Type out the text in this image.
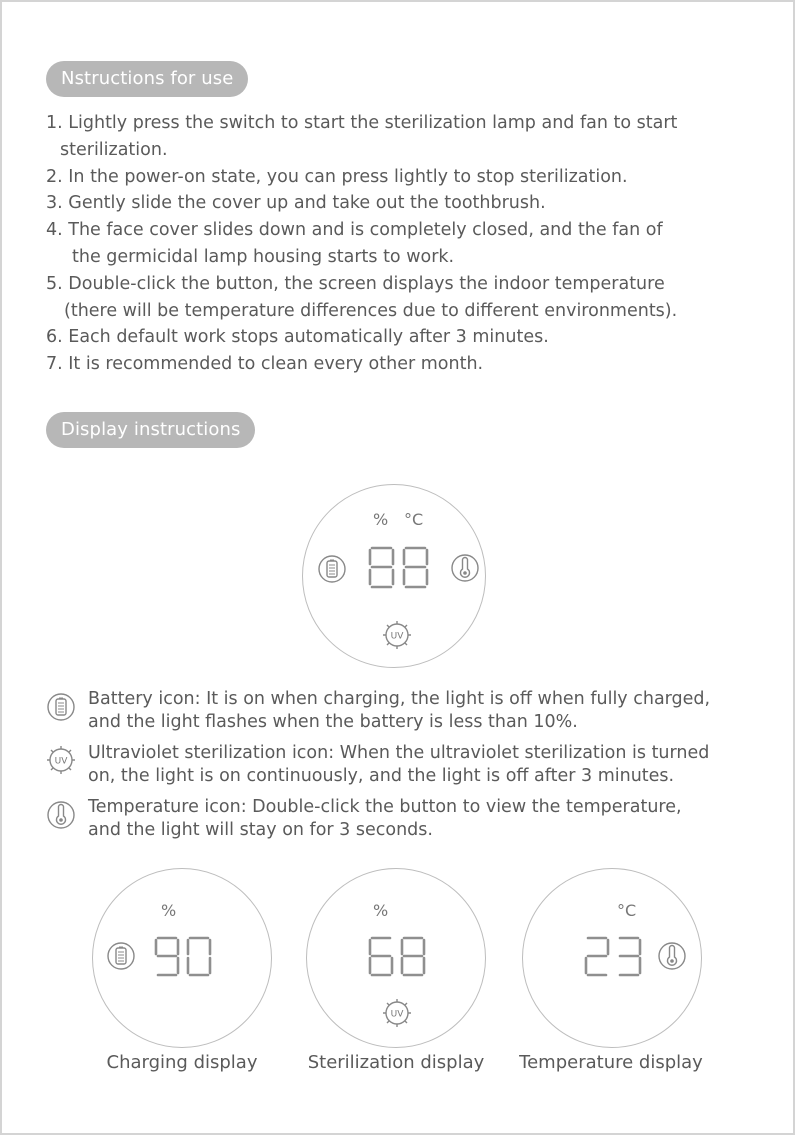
Nstructions for use
1. Lightly press the switch to start the sterilization lamp and fan to start
sterilization.
2. In the power-on state, you can press lightly to stop sterilization.
3. Gently slide the cover up and take out the toothbrush.
4. The face cover slides down and is completely closed, and the fan of
the germicidal lamp housing starts to work.
5. Double-click the button, the screen displays the indoor temperature
(there will be temperature differences due to different environments).
6. Each default work stops automatically after 3 minutes.
7. It is recommended to clean every other month.
Display instructions
% °C
UV
Battery icon: It is on when charging, the light is off when fully charged,
and the light flashes when the battery is less than 10%.
UV Ultraviolet sterilization icon: When the ultraviolet sterilization is turned
on, the light is on continuously, and the light is off after 3 minutes.
Temperature icon: Double-click the button to view the temperature,
and the light will stay on for 3 seconds.
%
Charging display
%
UV
Sterilization display
°C
Temperature display
